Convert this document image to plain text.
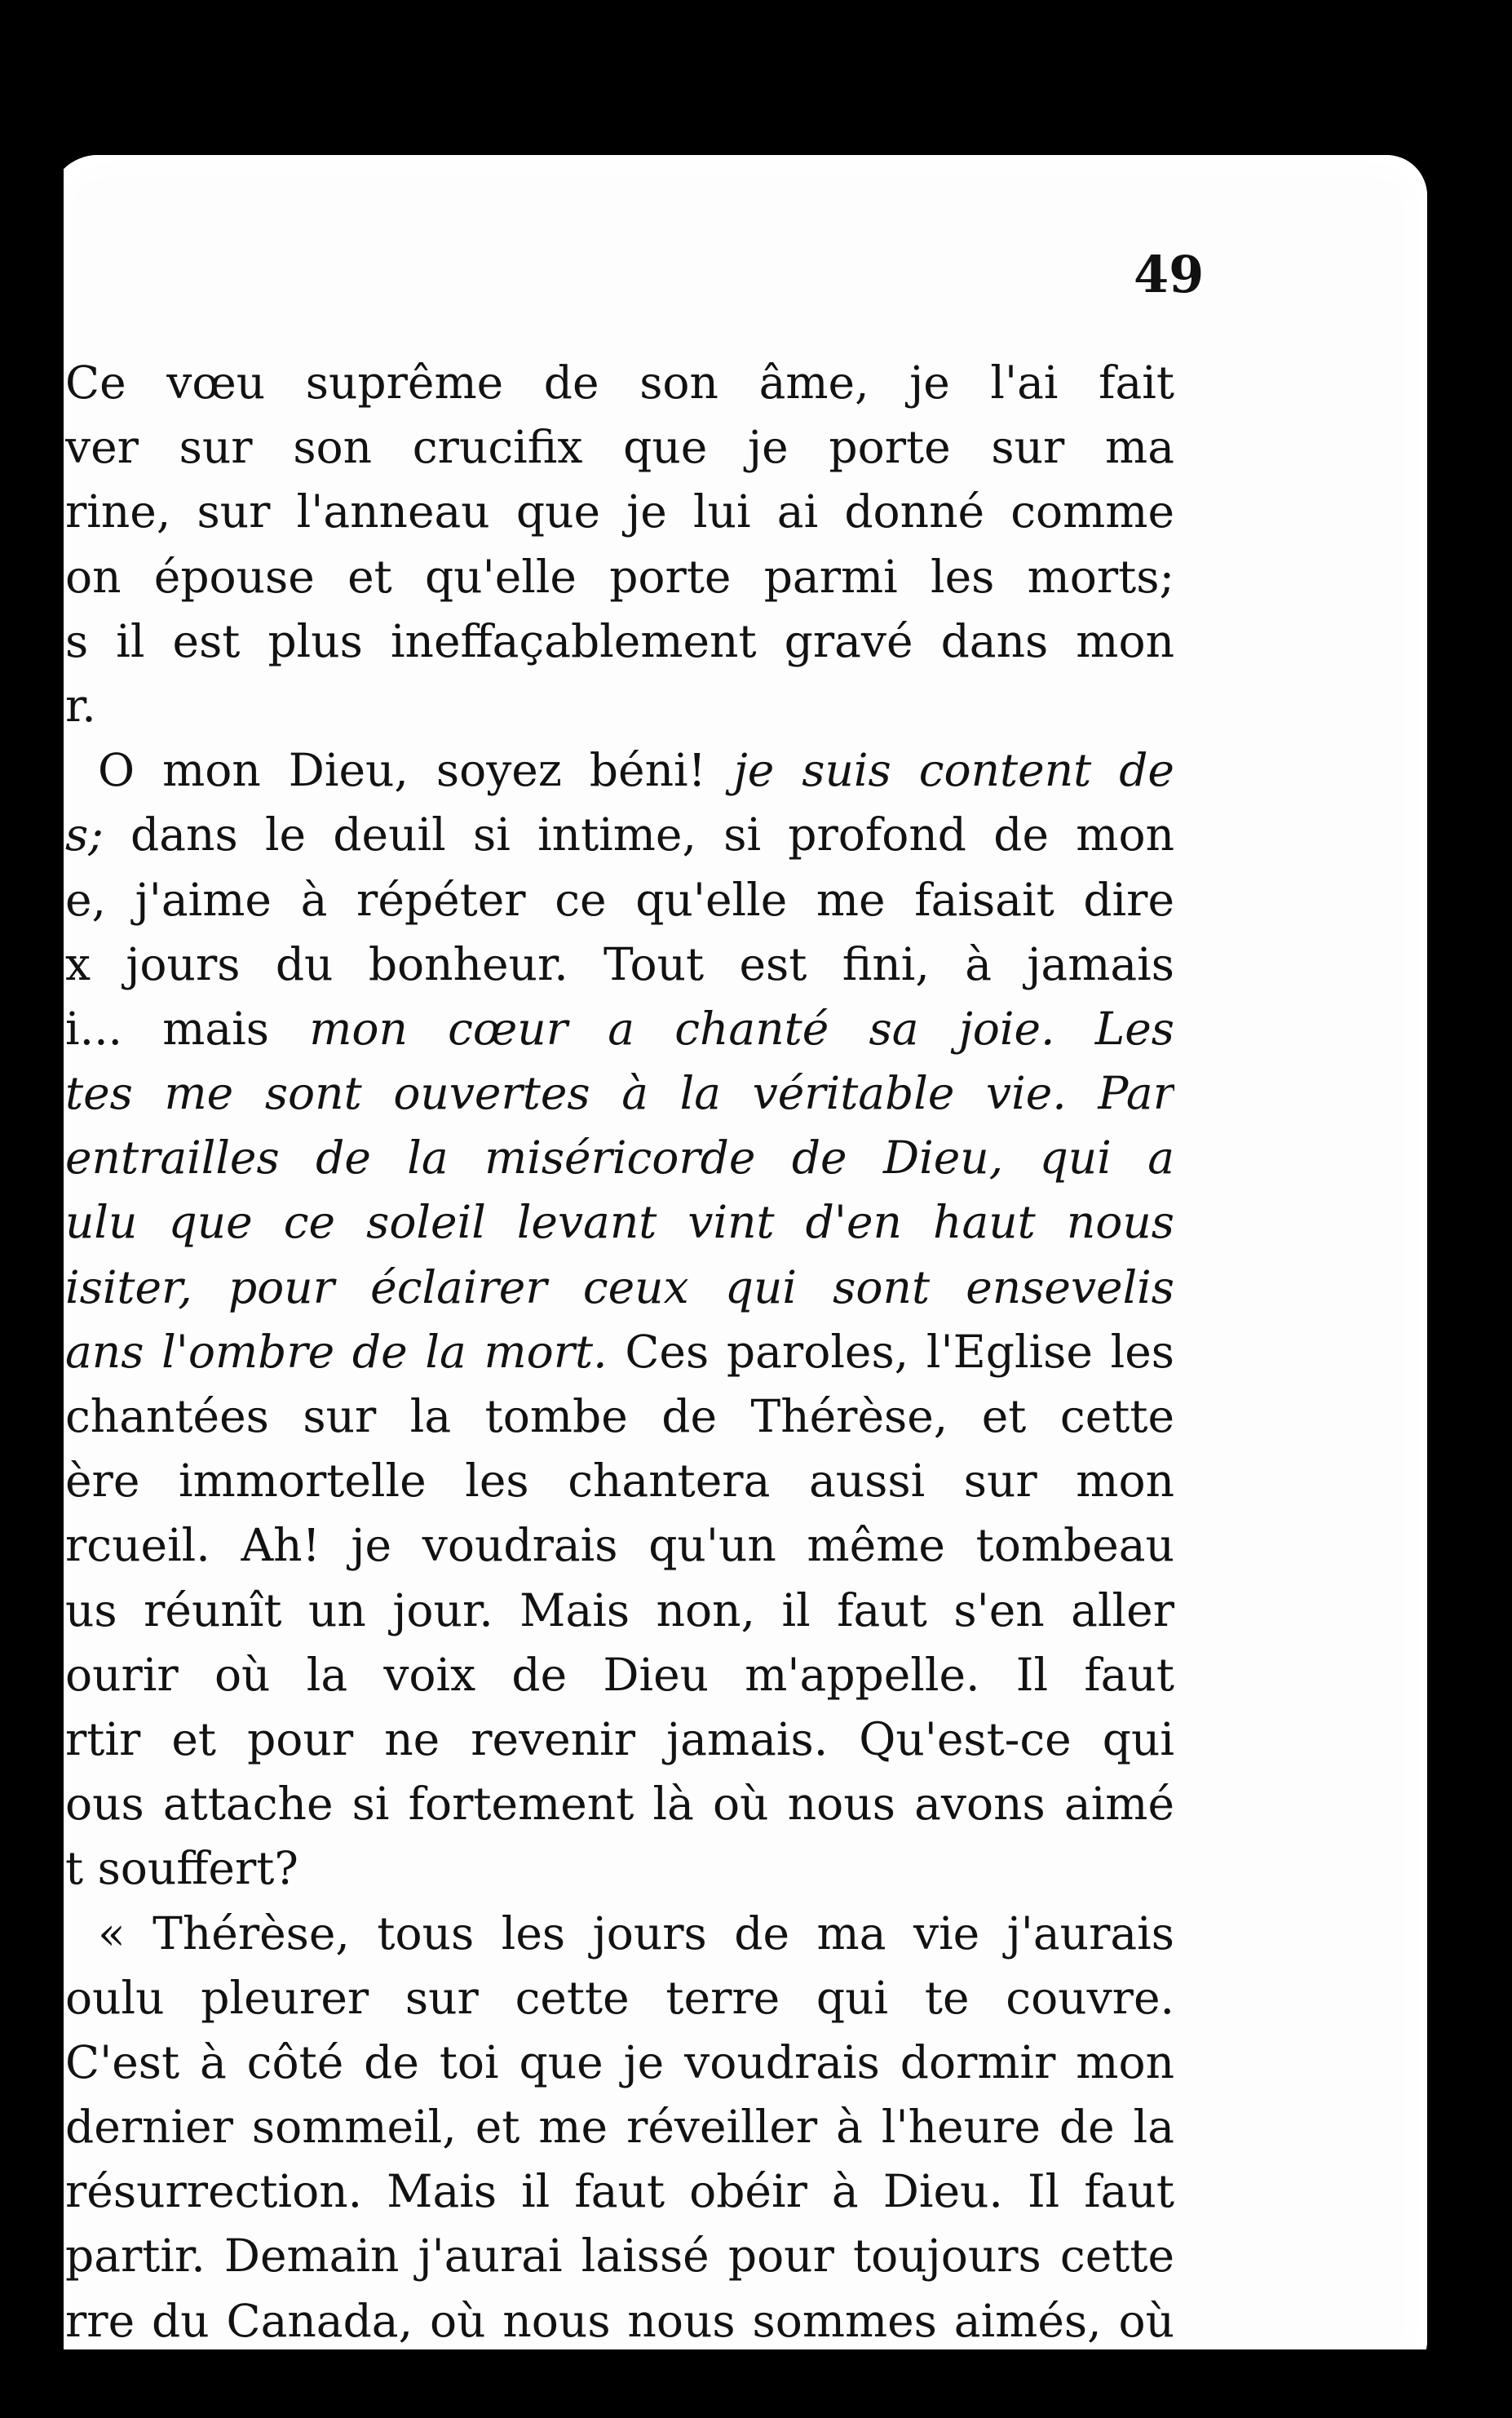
49

Ce vœu suprême de son âme, je l'ai fait
ver sur son crucifix que je porte sur ma
rine, sur l'anneau que je lui ai donné comme
on épouse et qu'elle porte parmi les morts;
s il est plus ineffaçablement gravé dans mon
r.
O mon Dieu, soyez béni! je suis content de
s; dans le deuil si intime, si profond de mon
e, j'aime à répéter ce qu'elle me faisait dire
x jours du bonheur. Tout est fini, à jamais
i... mais mon cœur a chanté sa joie. Les
tes me sont ouvertes à la véritable vie. Par
entrailles de la miséricorde de Dieu, qui a
ulu que ce soleil levant vint d'en haut nous
isiter, pour éclairer ceux qui sont ensevelis
ans l'ombre de la mort. Ces paroles, l'Eglise les
chantées sur la tombe de Thérèse, et cette
ère immortelle les chantera aussi sur mon
rcueil. Ah! je voudrais qu'un même tombeau
us réunît un jour. Mais non, il faut s'en aller
ourir où la voix de Dieu m'appelle. Il faut
rtir et pour ne revenir jamais. Qu'est-ce qui
ous attache si fortement là où nous avons aimé
t souffert?
« Thérèse, tous les jours de ma vie j'aurais
oulu pleurer sur cette terre qui te couvre.
C'est à côté de toi que je voudrais dormir mon
dernier sommeil, et me réveiller à l'heure de la
résurrection. Mais il faut obéir à Dieu. Il faut
partir. Demain j'aurai laissé pour toujours cette
rre du Canada, où nous nous sommes aimés, où
